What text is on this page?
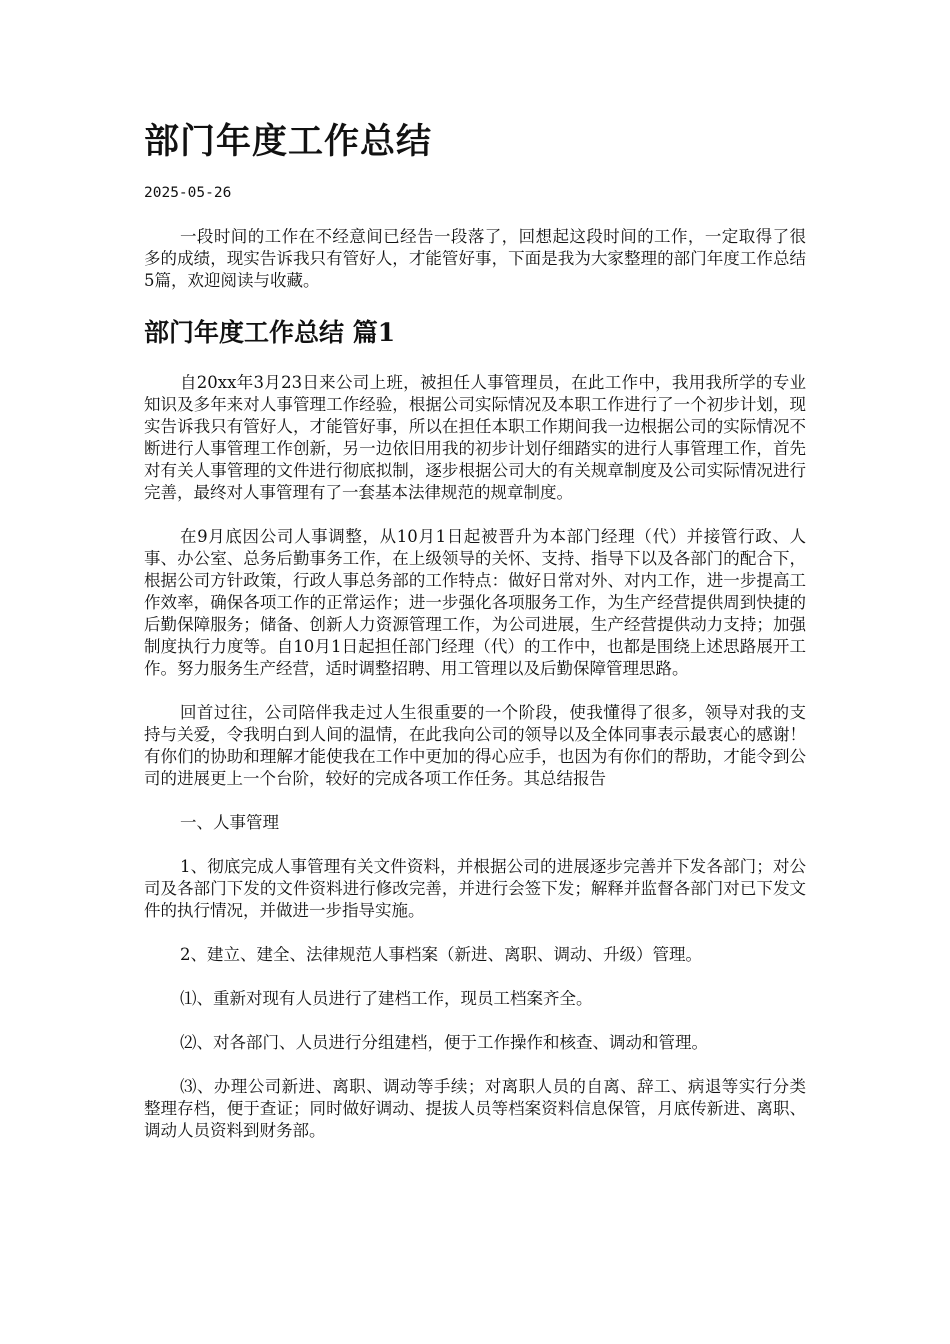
部门年度工作总结
2025-05-26

一段时间的工作在不经意间已经告一段落了，回想起这段时间的工作，一定取得了很多的成绩，现实告诉我只有管好人，才能管好事，下面是我为大家整理的部门年度工作总结5篇，欢迎阅读与收藏。

部门年度工作总结 篇1

自20xx年3月23日来公司上班，被担任人事管理员，在此工作中，我用我所学的专业知识及多年来对人事管理工作经验，根据公司实际情况及本职工作进行了一个初步计划，现实告诉我只有管好人，才能管好事，所以在担任本职工作期间我一边根据公司的实际情况不断进行人事管理工作创新，另一边依旧用我的初步计划仔细踏实的进行人事管理工作，首先对有关人事管理的文件进行彻底拟制，逐步根据公司大的有关规章制度及公司实际情况进行完善，最终对人事管理有了一套基本法律规范的规章制度。

在9月底因公司人事调整，从10月1日起被晋升为本部门经理（代）并接管行政、人事、办公室、总务后勤事务工作，在上级领导的关怀、支持、指导下以及各部门的配合下，根据公司方针政策，行政人事总务部的工作特点：做好日常对外、对内工作，进一步提高工作效率，确保各项工作的正常运作；进一步强化各项服务工作，为生产经营提供周到快捷的后勤保障服务；储备、创新人力资源管理工作，为公司进展，生产经营提供动力支持；加强制度执行力度等。自10月1日起担任部门经理（代）的工作中，也都是围绕上述思路展开工作。努力服务生产经营，适时调整招聘、用工管理以及后勤保障管理思路。

回首过往，公司陪伴我走过人生很重要的一个阶段，使我懂得了很多，领导对我的支持与关爱，令我明白到人间的温情，在此我向公司的领导以及全体同事表示最衷心的感谢！有你们的协助和理解才能使我在工作中更加的得心应手，也因为有你们的帮助，才能令到公司的进展更上一个台阶，较好的完成各项工作任务。其总结报告

一、人事管理

1、彻底完成人事管理有关文件资料，并根据公司的进展逐步完善并下发各部门；对公司及各部门下发的文件资料进行修改完善，并进行会签下发；解释并监督各部门对已下发文件的执行情况，并做进一步指导实施。

2、建立、建全、法律规范人事档案（新进、离职、调动、升级）管理。

⑴、重新对现有人员进行了建档工作，现员工档案齐全。

⑵、对各部门、人员进行分组建档，便于工作操作和核查、调动和管理。

⑶、办理公司新进、离职、调动等手续；对离职人员的自离、辞工、病退等实行分类整理存档，便于查证；同时做好调动、提拔人员等档案资料信息保管，月底传新进、离职、调动人员资料到财务部。
